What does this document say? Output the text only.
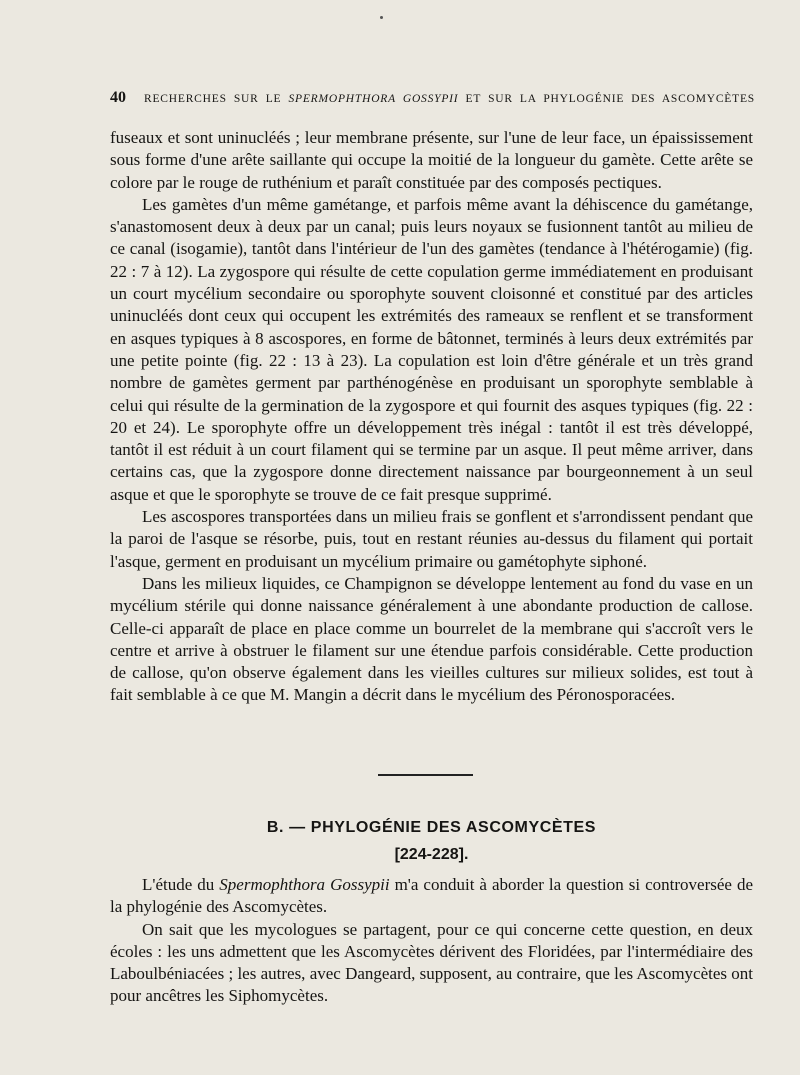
40 RECHERCHES SUR LE SPERMOPHTHORA GOSSYPII ET SUR LA PHYLOGÉNIE DES ASCOMYCÈTES

fuseaux et sont uninucléés ; leur membrane présente, sur l'une de leur face, un épaississement sous forme d'une arête saillante qui occupe la moitié de la longueur du gamète. Cette arête se colore par le rouge de ruthénium et paraît constituée par des composés pectiques.

Les gamètes d'un même gamétange, et parfois même avant la déhiscence du gamétange, s'anastomosent deux à deux par un canal; puis leurs noyaux se fusionnent tantôt au milieu de ce canal (isogamie), tantôt dans l'intérieur de l'un des gamètes (tendance à l'hétérogamie) (fig. 22 : 7 à 12). La zygospore qui résulte de cette copulation germe immédiatement en produisant un court mycélium secondaire ou sporophyte souvent cloisonné et constitué par des articles uninucléés dont ceux qui occupent les extrémités des rameaux se renflent et se transforment en asques typiques à 8 ascospores, en forme de bâtonnet, terminés à leurs deux extrémités par une petite pointe (fig. 22 : 13 à 23). La copulation est loin d'être générale et un très grand nombre de gamètes germent par parthénogénèse en produisant un sporophyte semblable à celui qui résulte de la germination de la zygospore et qui fournit des asques typiques (fig. 22 : 20 et 24). Le sporophyte offre un développement très inégal : tantôt il est très développé, tantôt il est réduit à un court filament qui se termine par un asque. Il peut même arriver, dans certains cas, que la zygospore donne directement naissance par bourgeonnement à un seul asque et que le sporophyte se trouve de ce fait presque supprimé.

Les ascospores transportées dans un milieu frais se gonflent et s'arrondissent pendant que la paroi de l'asque se résorbe, puis, tout en restant réunies au-dessus du filament qui portait l'asque, germent en produisant un mycélium primaire ou gamétophyte siphoné.

Dans les milieux liquides, ce Champignon se développe lentement au fond du vase en un mycélium stérile qui donne naissance généralement à une abondante production de callose. Celle-ci apparaît de place en place comme un bourrelet de la membrane qui s'accroît vers le centre et arrive à obstruer le filament sur une étendue parfois considérable. Cette production de callose, qu'on observe également dans les vieilles cultures sur milieux solides, est tout à fait semblable à ce que M. Mangin a décrit dans le mycélium des Péronosporacées.

B. — PHYLOGÉNIE DES ASCOMYCÈTES
[224-228].

L'étude du Spermophthora Gossypii m'a conduit à aborder la question si controversée de la phylogénie des Ascomycètes.

On sait que les mycologues se partagent, pour ce qui concerne cette question, en deux écoles : les uns admettent que les Ascomycètes dérivent des Floridées, par l'intermédiaire des Laboulbéniacées ; les autres, avec Dangeard, supposent, au contraire, que les Ascomycètes ont pour ancêtres les Siphomycètes.
